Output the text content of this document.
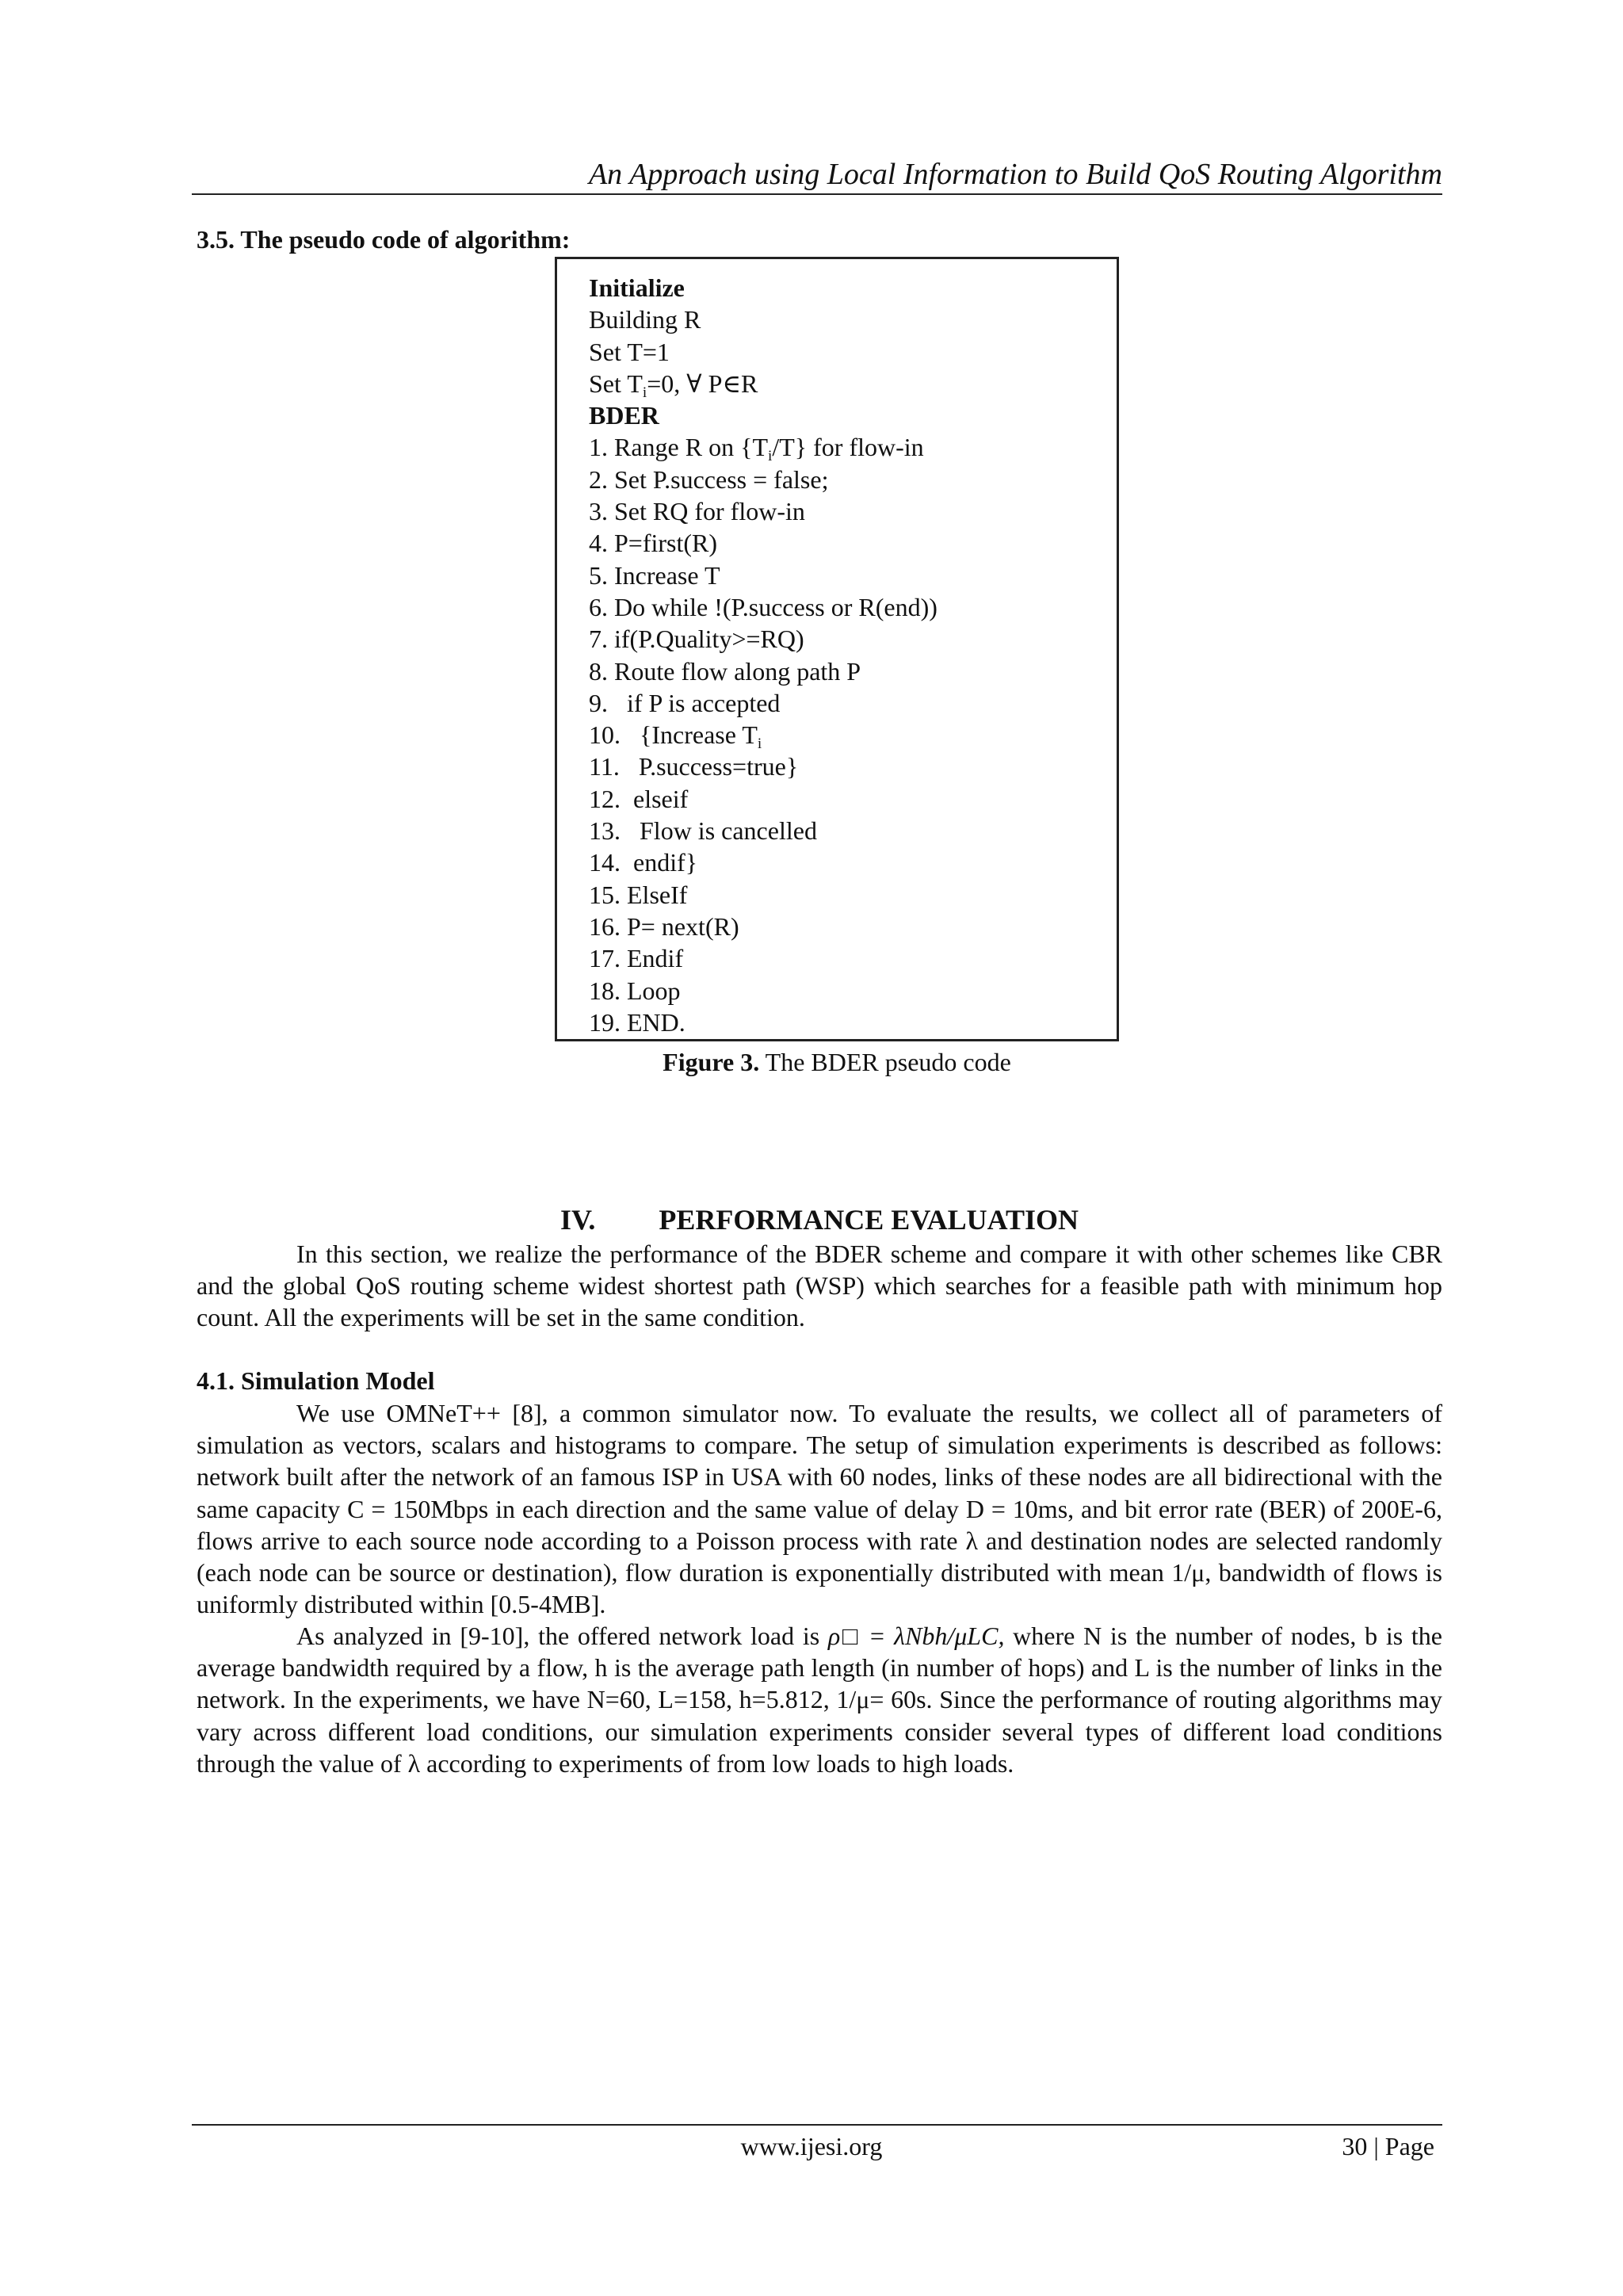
An Approach using Local Information to Build QoS Routing Algorithm
3.5. The pseudo code of algorithm:
Initialize
Building R
Set T=1
Set $T_i=0$, ∀ P∈R
BDER
1. Range R on $\{T_i/T\}$ for flow-in
2. Set P.success = false;
3. Set RQ for flow-in
4. P=first(R)
5. Increase T
6. Do while !(P.success or R(end))
7. if(P.Quality>=RQ)
8. Route flow along path P
9.   if P is accepted
10.   {Increase $T_i$
11.   P.success=true}
12.  elseif
13.   Flow is cancelled
14.  endif}
15. ElseIf
16. P= next(R)
17. Endif
18. Loop
19. END.
Figure 3. The BDER pseudo code
IV. PERFORMANCE EVALUATION
In this section, we realize the performance of the BDER scheme and compare it with other schemes like CBR and the global QoS routing scheme widest shortest path (WSP) which searches for a feasible path with minimum hop count. All the experiments will be set in the same condition.
4.1. Simulation Model
We use OMNeT++ [8], a common simulator now. To evaluate the results, we collect all of parameters of simulation as vectors, scalars and histograms to compare. The setup of simulation experiments is described as follows: network built after the network of an famous ISP in USA with 60 nodes, links of these nodes are all bidirectional with the same capacity C = 150Mbps in each direction and the same value of delay D = 10ms, and bit error rate (BER) of 200E-6, flows arrive to each source node according to a Poisson process with rate λ and destination nodes are selected randomly (each node can be source or destination), flow duration is exponentially distributed with mean 1/μ, bandwidth of flows is uniformly distributed within [0.5-4MB].
As analyzed in [9-10], the offered network load is ρ□ = λNbh/μLC, where N is the number of nodes, b is the average bandwidth required by a flow, h is the average path length (in number of hops) and L is the number of links in the network. In the experiments, we have N=60, L=158, h=5.812, 1/μ= 60s. Since the performance of routing algorithms may vary across different load conditions, our simulation experiments consider several types of different load conditions through the value of λ according to experiments of from low loads to high loads.
www.ijesi.org	30 | Page
